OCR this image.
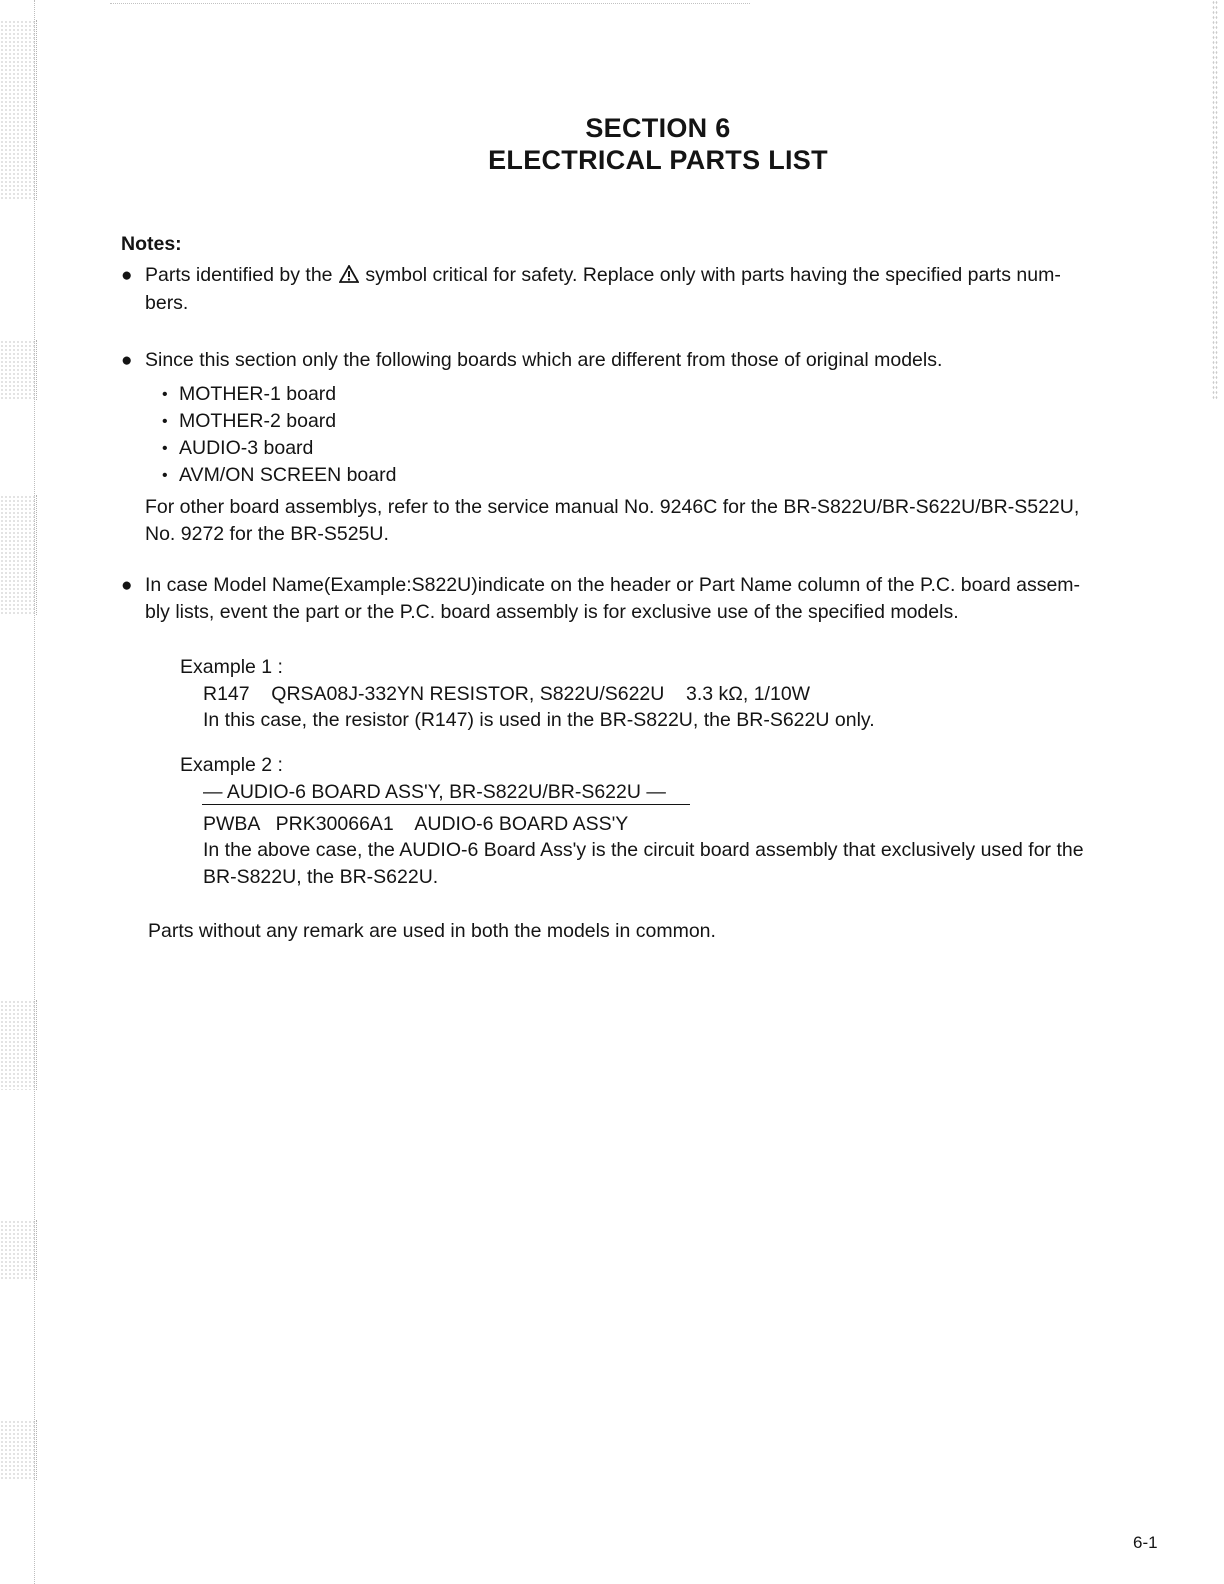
SECTION 6
ELECTRICAL PARTS LIST
Notes:
● Parts identified by the symbol critical for safety. Replace only with parts having the specified parts num-
bers.
● Since this section only the following boards which are different from those of original models.
• MOTHER-1 board
• MOTHER-2 board
• AUDIO-3 board
• AVM/ON SCREEN board
For other board assemblys, refer to the service manual No. 9246C for the BR-S822U/BR-S622U/BR-S522U,
No. 9272 for the BR-S525U.
● In case Model Name(Example:S822U)indicate on the header or Part Name column of the P.C. board assem-
bly lists, event the part or the P.C. board assembly is for exclusive use of the specified models.
Example 1 :
R147    QRSA08J-332YN RESISTOR, S822U/S622U    3.3 kΩ, 1/10W
In this case, the resistor (R147) is used in the BR-S822U, the BR-S622U only.
Example 2 :
— AUDIO-6 BOARD ASS'Y, BR-S822U/BR-S622U —
PWBA   PRK30066A1    AUDIO-6 BOARD ASS'Y
In the above case, the AUDIO-6 Board Ass'y is the circuit board assembly that exclusively used for the
BR-S822U, the BR-S622U.
Parts without any remark are used in both the models in common.
6-1
